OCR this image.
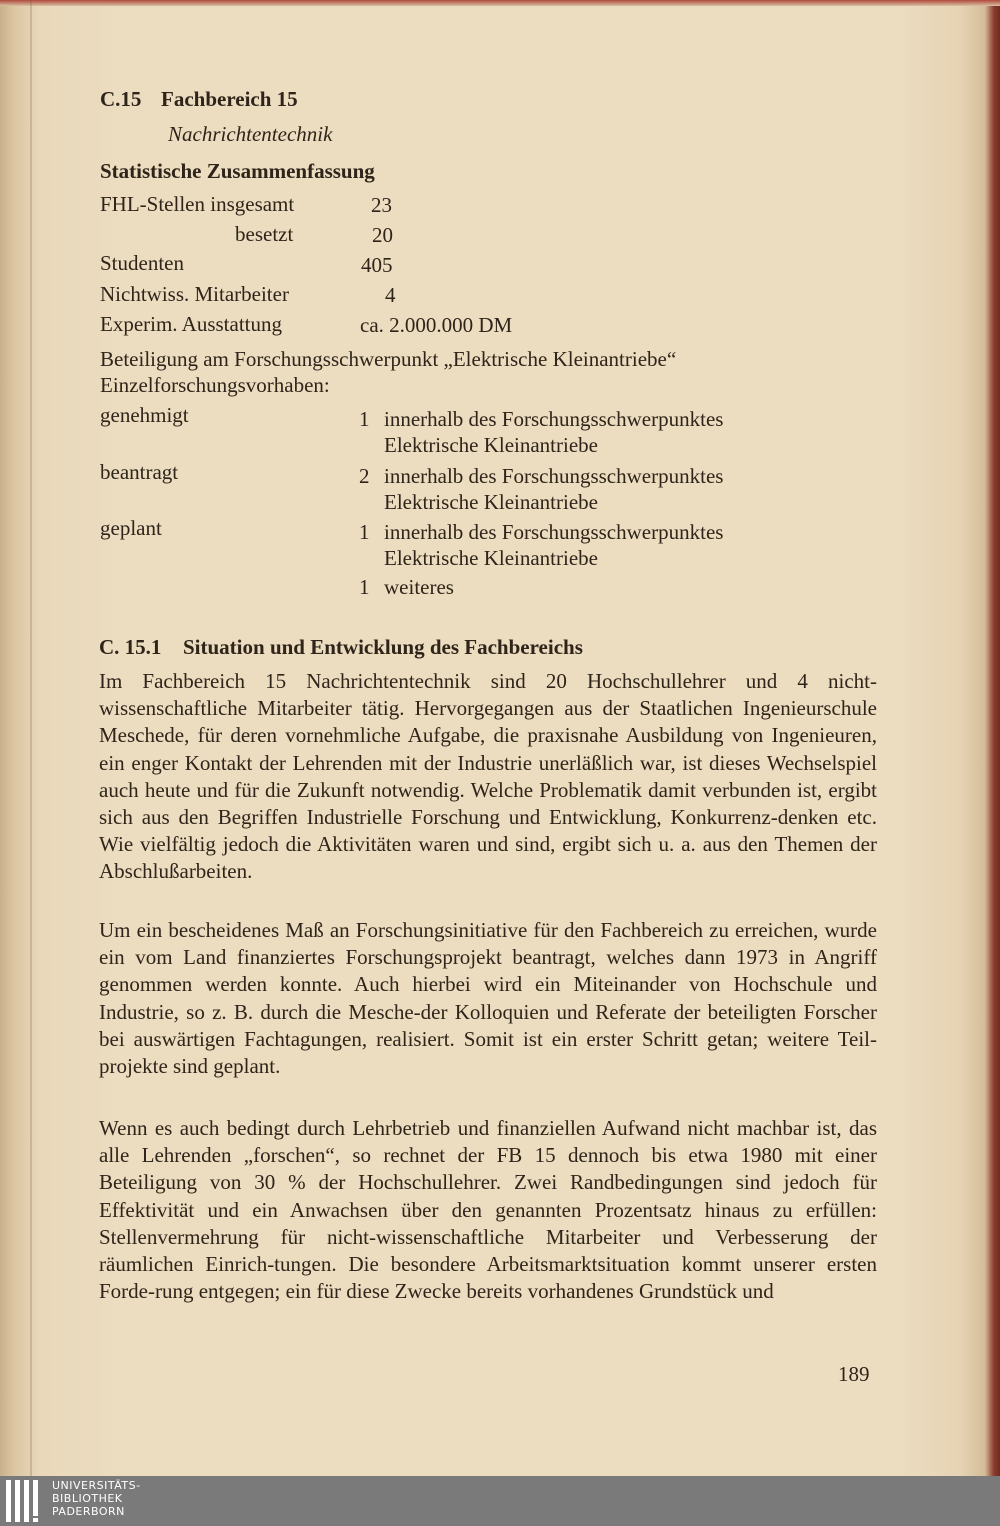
C.15 Fachbereich 15
Nachrichtentechnik
Statistische Zusammenfassung
FHL-Stellen insgesamt	23
besetzt	20
Studenten	405
Nichtwiss. Mitarbeiter	4
Experim. Ausstattung	ca. 2.000.000 DM
Beteiligung am Forschungsschwerpunkt „Elektrische Kleinantriebe“
Einzelforschungsvorhaben:
genehmigt	1 innerhalb des Forschungsschwerpunktes
Elektrische Kleinantriebe
beantragt	2 innerhalb des Forschungsschwerpunktes
Elektrische Kleinantriebe
geplant	1 innerhalb des Forschungsschwerpunktes
Elektrische Kleinantriebe
1 weiteres
C. 15.1 Situation und Entwicklung des Fachbereichs

Im Fachbereich 15 Nachrichtentechnik sind 20 Hochschullehrer und 4 nicht-wissenschaftliche Mitarbeiter tätig. Hervorgegangen aus der Staatlichen Ingenieurschule Meschede, für deren vornehmliche Aufgabe, die praxisnahe Ausbildung von Ingenieuren, ein enger Kontakt der Lehrenden mit der Industrie unerläßlich war, ist dieses Wechselspiel auch heute und für die Zukunft notwendig. Welche Problematik damit verbunden ist, ergibt sich aus den Begriffen Industrielle Forschung und Entwicklung, Konkurrenz-denken etc. Wie vielfältig jedoch die Aktivitäten waren und sind, ergibt sich u. a. aus den Themen der Abschlußarbeiten.

Um ein bescheidenes Maß an Forschungsinitiative für den Fachbereich zu erreichen, wurde ein vom Land finanziertes Forschungsprojekt beantragt, welches dann 1973 in Angriff genommen werden konnte. Auch hierbei wird ein Miteinander von Hochschule und Industrie, so z. B. durch die Mesche-der Kolloquien und Referate der beteiligten Forscher bei auswärtigen Fachtagungen, realisiert. Somit ist ein erster Schritt getan; weitere Teil-projekte sind geplant.

Wenn es auch bedingt durch Lehrbetrieb und finanziellen Aufwand nicht machbar ist, das alle Lehrenden „forschen“, so rechnet der FB 15 dennoch bis etwa 1980 mit einer Beteiligung von 30 % der Hochschullehrer. Zwei Randbedingungen sind jedoch für Effektivität und ein Anwachsen über den genannten Prozentsatz hinaus zu erfüllen: Stellenvermehrung für nicht-wissenschaftliche Mitarbeiter und Verbesserung der räumlichen Einrich-tungen. Die besondere Arbeitsmarktsituation kommt unserer ersten Forde-rung entgegen; ein für diese Zwecke bereits vorhandenes Grundstück und

189
UNIVERSITÄTS-
BIBLIOTHEK
PADERBORN
